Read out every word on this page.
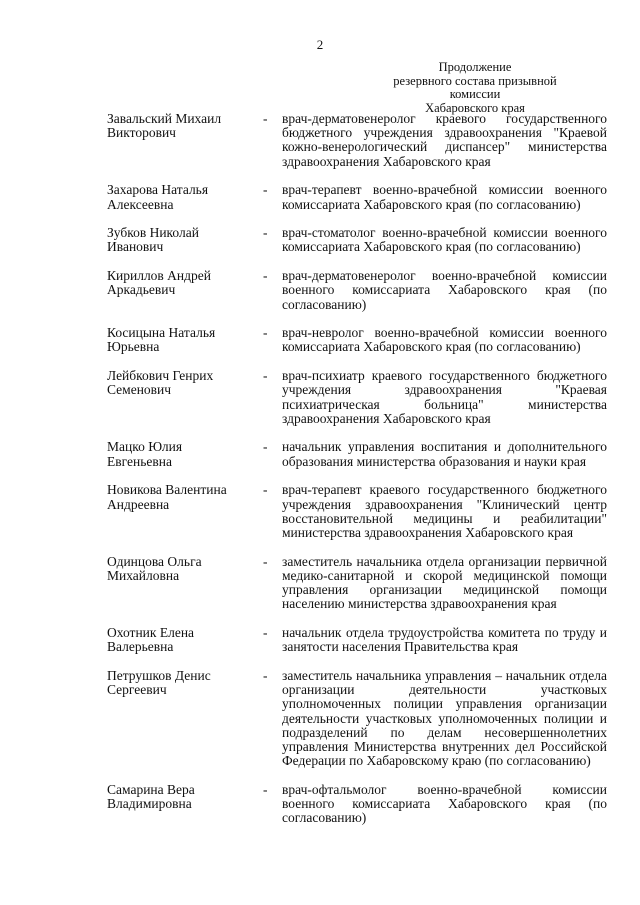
2
Продолжение
резервного состава призывной комиссии
Хабаровского края
Завальский Михаил
Викторович
-	врач-дерматовенеролог краевого государственного бюджетного учреждения здравоохранения "Краевой кожно-венерологический диспансер" министерства здравоохранения Хабаровского края
Захарова Наталья
Алексеевна
-	врач-терапевт военно-врачебной комиссии военного комиссариата Хабаровского края (по согласованию)
Зубков Николай
Иванович
-	врач-стоматолог военно-врачебной комиссии военного комиссариата Хабаровского края (по согласованию)
Кириллов Андрей
Аркадьевич
-	врач-дерматовенеролог военно-врачебной комиссии военного комиссариата Хабаровского края (по согласованию)
Косицына Наталья
Юрьевна
-	врач-невролог военно-врачебной комиссии военного комиссариата Хабаровского края (по согласованию)
Лейбкович Генрих
Семенович
-	врач-психиатр краевого государственного бюджетного учреждения здравоохранения "Краевая психиатрическая больница" министерства здравоохранения Хабаровского края
Мацко Юлия
Евгеньевна
-	начальник управления воспитания и дополнительного образования министерства образования и науки края
Новикова Валентина
Андреевна
-	врач-терапевт краевого государственного бюджетного учреждения здравоохранения "Клинический центр восстановительной медицины и реабилитации" министерства здравоохранения Хабаровского края
Одинцова Ольга
Михайловна
-	заместитель начальника отдела организации первичной медико-санитарной и скорой медицинской помощи управления организации медицинской помощи населению министерства здравоохранения края
Охотник Елена
Валерьевна
-	начальник отдела трудоустройства комитета по труду и занятости населения Правительства края
Петрушков Денис
Сергеевич
-	заместитель начальника управления – начальник отдела организации деятельности участковых уполномоченных полиции управления организации деятельности участковых уполномоченных полиции и подразделений по делам несовершеннолетних управления Министерства внутренних дел Российской Федерации по Хабаровскому краю (по согласованию)
Самарина Вера
Владимировна
-	врач-офтальмолог военно-врачебной комиссии военного комиссариата Хабаровского края (по согласованию)
